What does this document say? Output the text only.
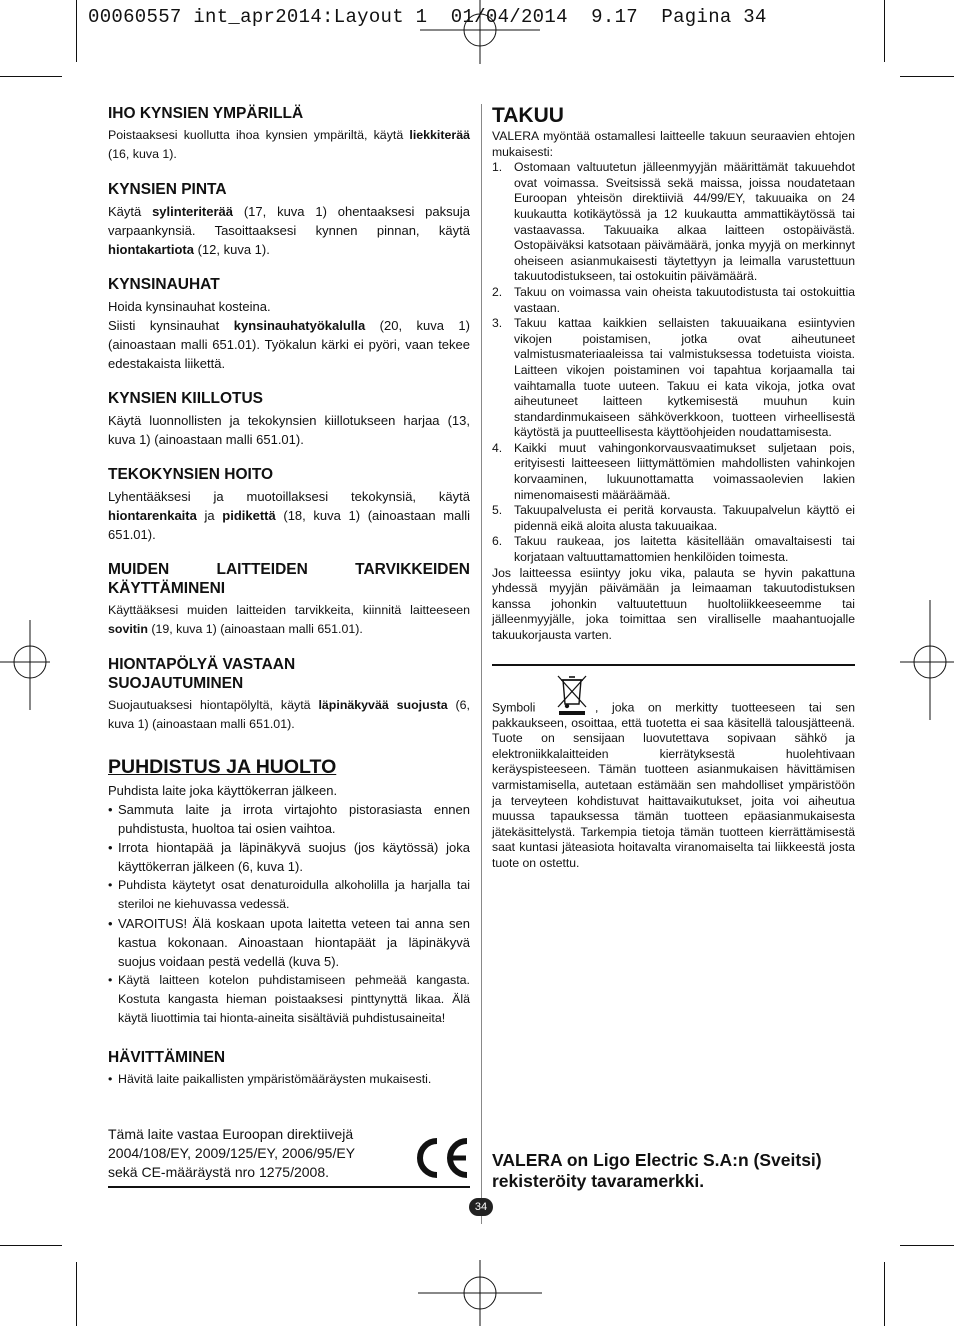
00060557 int_apr2014:Layout 1  01/04/2014  9.17  Pagina 34
IHO KYNSIEN YMPÄRILLÄ

Poistaaksesi kuollutta ihoa kynsien ympäriltä, käytä liekkiterää (16, kuva 1).

KYNSIEN PINTA

Käytä sylinteriterää (17, kuva 1) ohentaaksesi paksuja varpaankynsiä. Tasoittaaksesi kynnen pinnan, käytä hiontakartiota (12, kuva 1).

KYNSINAUHAT

Hoida kynsinauhat kosteina.

Siisti kynsinauhat kynsinauhatyökalulla (20, kuva 1) (ainoastaan malli 651.01). Työkalun kärki ei pyöri, vaan tekee edestakaista liikettä.

KYNSIEN KIILLOTUS

Käytä luonnollisten ja tekokynsien kiillotukseen harjaa (13, kuva 1) (ainoastaan malli 651.01).

TEKOKYNSIEN HOITO

Lyhentääksesi ja muotoillaksesi tekokynsiä, käytä hiontarenkaita ja pidikettä (18, kuva 1) (ainoastaan malli 651.01).

MUIDEN LAITTEIDEN TARVIKKEIDEN KÄYTTÄMINENI

Käyttääksesi muiden laitteiden tarvikkeita, kiinnitä laitteeseen sovitin (19, kuva 1) (ainoastaan malli 651.01).

HIONTAPÖLYÄ VASTAAN SUOJAUTUMINEN

Suojautuaksesi hiontapölyltä, käytä läpinäkyvää suojusta (6, kuva 1) (ainoastaan malli 651.01).

PUHDISTUS JA HUOLTO

Puhdista laite joka käyttökerran jälkeen.

• Sammuta laite ja irrota virtajohto pistorasiasta ennen puhdistusta, huoltoa tai osien vaihtoa.
• Irrota hiontapää ja läpinäkyvä suojus (jos käytössä) joka käyttökerran jälkeen (6, kuva 1).
• Puhdista käytetyt osat denaturoidulla alkoholilla ja harjalla tai steriloi ne kiehuvassa vedessä.
• VAROITUS! Älä koskaan upota laitetta veteen tai anna sen kastua kokonaan. Ainoastaan hiontapäät ja läpinäkyvä suojus voidaan pestä vedellä (kuva 5).
• Käytä laitteen kotelon puhdistamiseen pehmeää kangasta. Kostuta kangasta hieman poistaaksesi pinttynyttä likaa. Älä käytä liuottimia tai hionta-aineita sisältäviä puhdistusaineita!
HÄVITTÄMINEN
• Hävitä laite paikallisten ympäristömääräysten mukaisesti.
Tämä laite vastaa Euroopan direktiivejä
2004/108/EY, 2009/125/EY, 2006/95/EY
sekä CE-määräystä nro 1275/2008.
34
TAKUU

VALERA myöntää ostamallesi laitteelle takuun seuraavien ehtojen mukaisesti:

1. Ostomaan valtuutetun jälleenmyyjän määrittämät takuuehdot ovat voimassa. Sveitsissä sekä maissa, joissa noudatetaan Euroopan yhteisön direktiiviä 44/99/EY, takuuaika on 24 kuukautta kotikäytössä ja 12 kuukautta ammattikäytössä tai vastaavassa. Takuuaika alkaa laitteen ostopäivästä. Ostopäiväksi katsotaan päivämäärä, jonka myyjä on merkinnyt oheiseen asianmukaisesti täytettyyn ja leimalla varustettuun takuutodistukseen, tai ostokuitin päivämäärä.
2. Takuu on voimassa vain oheista takuutodistusta tai ostokuittia vastaan.
3. Takuu kattaa kaikkien sellaisten takuuaikana esiintyvien vikojen poistamisen, jotka ovat aiheutuneet valmistusmateriaaleissa tai valmistuksessa todetuista vioista. Laitteen vikojen poistaminen voi tapahtua korjaamalla tai vaihtamalla tuote uuteen. Takuu ei kata vikoja, jotka ovat aiheutuneet laitteen kytkemisestä muuhun kuin standardinmukaiseen sähköverkkoon, tuotteen virheellisestä käytöstä ja puutteellisesta käyttöohjeiden noudattamisesta.
4. Kaikki muut vahingonkorvausvaatimukset suljetaan pois, erityisesti laitteeseen liittymättömien mahdollisten vahinkojen korvaaminen, lukuunottamatta voimassaolevien lakien nimenomaisesti määräämää.
5. Takuupalvelusta ei peritä korvausta. Takuupalvelun käyttö ei pidennä eikä aloita alusta takuuaikaa.
6. Takuu raukeaa, jos laitetta käsitellään omavaltaisesti tai korjataan valtuuttamattomien henkilöiden toimesta.

Jos laitteessa esiintyy joku vika, palauta se hyvin pakattuna yhdessä myyjän päivämään ja leimaaman takuutodistuksen kanssa johonkin valtuutettuun huoltoliikkeeseemme tai jälleenmyyjälle, joka toimittaa sen viralliselle maahantuojalle takuukorjausta varten.

Symboli	, joka on merkitty tuotteeseen tai sen pakkaukseen, osoittaa, että tuotetta ei saa käsitellä talousjätteenä. Tuote on sensijaan luovutettava sopivaan sähkö ja elektroniikkalaitteiden kierrätyksestä huolehtivaan keräyspisteeseen. Tämän tuotteen asianmukaisen hävittämisen varmistamisella, autetaan estämään sen mahdolliset ympäristöön ja terveyteen kohdistuvat haittavaikutukset, joita voi aiheutua muussa tapauksessa tämän tuotteen epäasianmukaisesta jätekäsittelystä. Tarkempia tietoja tämän tuotteen kierrättämisestä saat kuntasi jäteasiota hoitavalta viranomaiselta tai liikkeestä josta tuote on ostettu.

VALERA on Ligo Electric S.A:n (Sveitsi) rekisteröity tavaramerkki.
